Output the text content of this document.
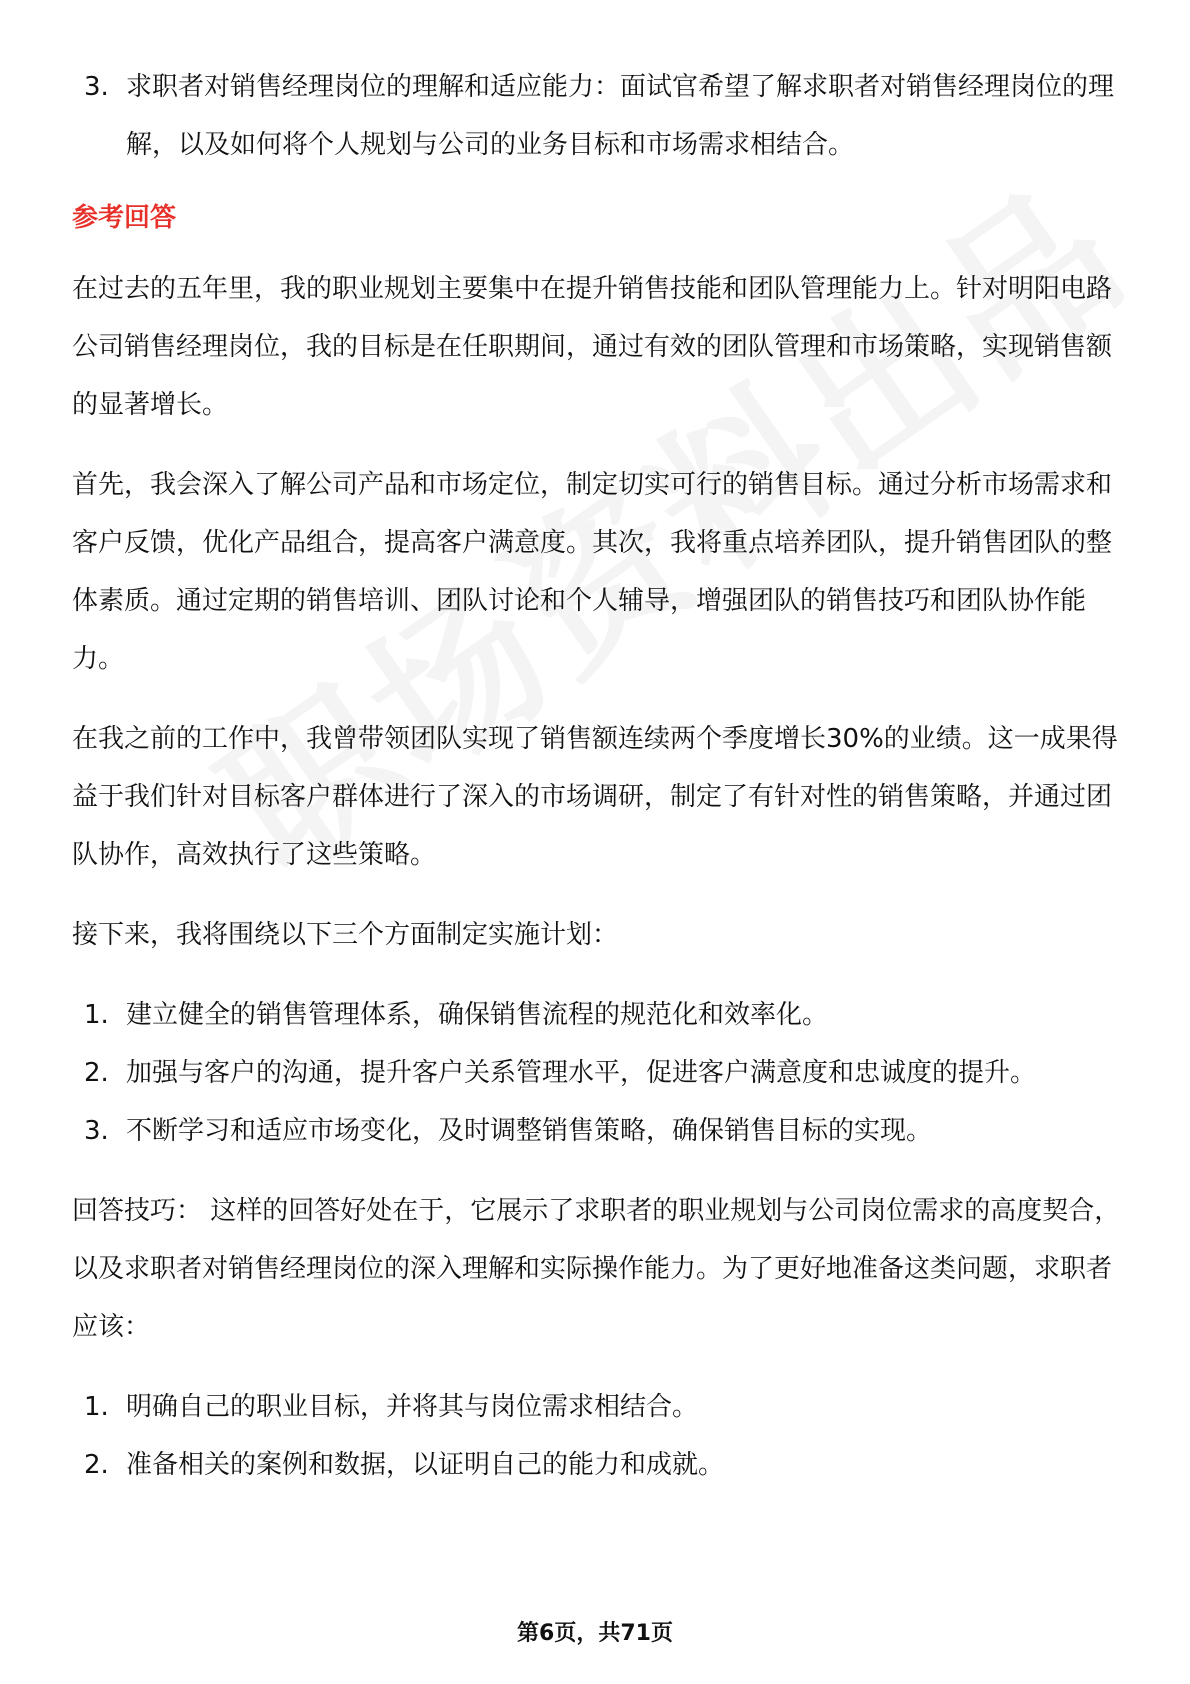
3. 求职者对销售经理岗位的理解和适应能力：面试官希望了解求职者对销售经理岗位的理解，以及如何将个人规划与公司的业务目标和市场需求相结合。

参考回答

在过去的五年里，我的职业规划主要集中在提升销售技能和团队管理能力上。针对明阳电路公司销售经理岗位，我的目标是在任职期间，通过有效的团队管理和市场策略，实现销售额的显著增长。

首先，我会深入了解公司产品和市场定位，制定切实可行的销售目标。通过分析市场需求和客户反馈，优化产品组合，提高客户满意度。其次，我将重点培养团队，提升销售团队的整体素质。通过定期的销售培训、团队讨论和个人辅导，增强团队的销售技巧和团队协作能力。

在我之前的工作中，我曾带领团队实现了销售额连续两个季度增长30%的业绩。这一成果得益于我们针对目标客户群体进行了深入的市场调研，制定了有针对性的销售策略，并通过团队协作，高效执行了这些策略。

接下来，我将围绕以下三个方面制定实施计划：

1. 建立健全的销售管理体系，确保销售流程的规范化和效率化。
2. 加强与客户的沟通，提升客户关系管理水平，促进客户满意度和忠诚度的提升。
3. 不断学习和适应市场变化，及时调整销售策略，确保销售目标的实现。

回答技巧： 这样的回答好处在于，它展示了求职者的职业规划与公司岗位需求的高度契合，以及求职者对销售经理岗位的深入理解和实际操作能力。为了更好地准备这类问题，求职者应该：

1. 明确自己的职业目标，并将其与岗位需求相结合。
2. 准备相关的案例和数据，以证明自己的能力和成就。
第6页，共71页
